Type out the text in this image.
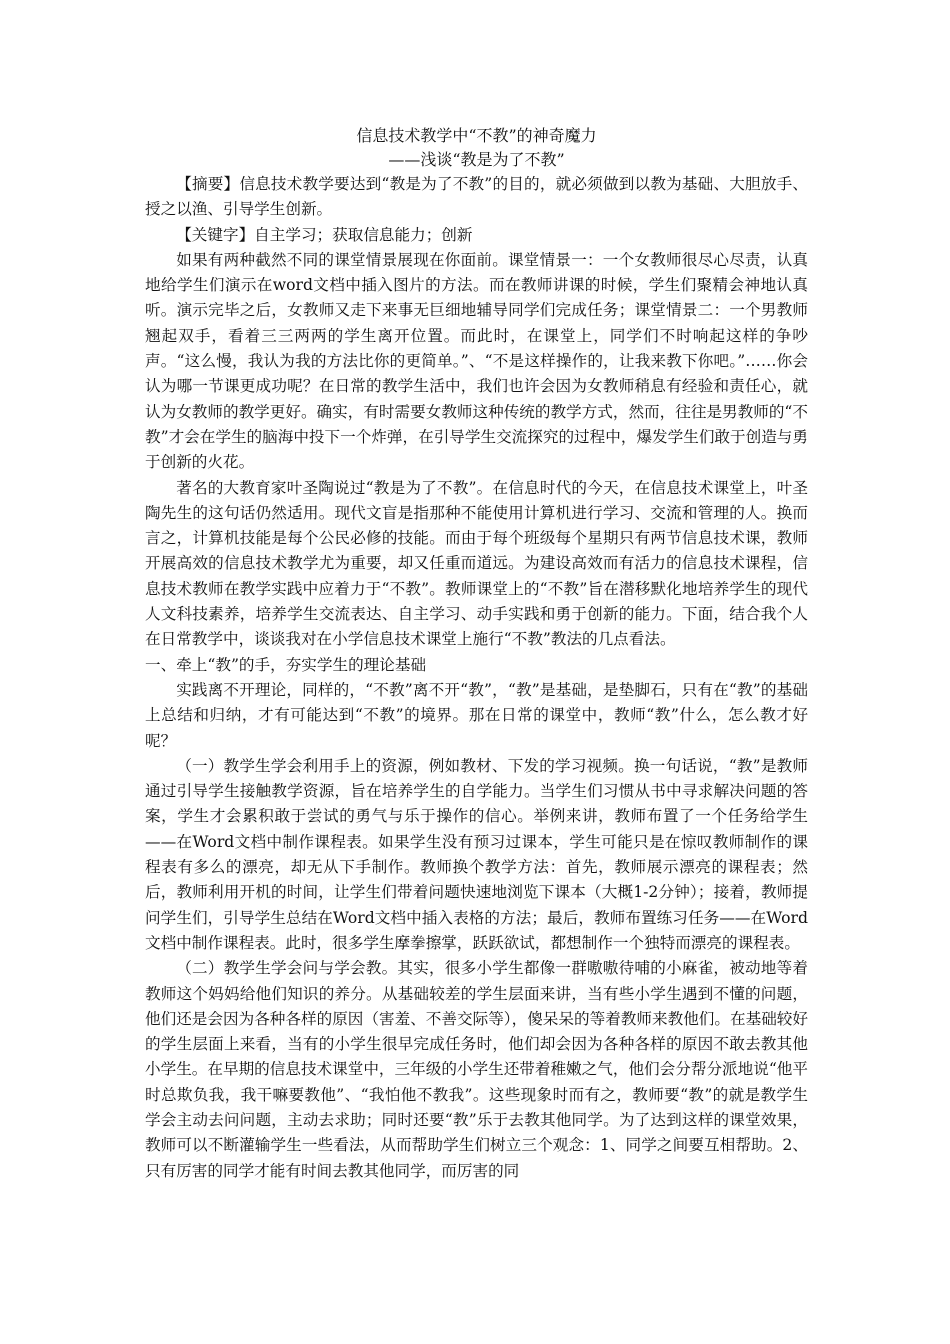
信息技术教学中“不教”的神奇魔力

——浅谈“教是为了不教”

【摘要】信息技术教学要达到“教是为了不教”的目的，就必须做到以教为基础、大胆放手、授之以渔、引导学生创新。

【关键字】自主学习；获取信息能力；创新

如果有两种截然不同的课堂情景展现在你面前。课堂情景一：一个女教师很尽心尽责，认真地给学生们演示在word文档中插入图片的方法。而在教师讲课的时候，学生们聚精会神地认真听。演示完毕之后，女教师又走下来事无巨细地辅导同学们完成任务；课堂情景二：一个男教师翘起双手，看着三三两两的学生离开位置。而此时，在课堂上，同学们不时响起这样的争吵声。“这么慢，我认为我的方法比你的更简单。”、“不是这样操作的，让我来教下你吧。”……你会认为哪一节课更成功呢？在日常的教学生活中，我们也许会因为女教师稍息有经验和责任心，就认为女教师的教学更好。确实，有时需要女教师这种传统的教学方式，然而，往往是男教师的“不教”才会在学生的脑海中投下一个炸弹，在引导学生交流探究的过程中，爆发学生们敢于创造与勇于创新的火花。

著名的大教育家叶圣陶说过“教是为了不教”。在信息时代的今天，在信息技术课堂上，叶圣陶先生的这句话仍然适用。现代文盲是指那种不能使用计算机进行学习、交流和管理的人。换而言之，计算机技能是每个公民必修的技能。而由于每个班级每个星期只有两节信息技术课，教师开展高效的信息技术教学尤为重要，却又任重而道远。为建设高效而有活力的信息技术课程，信息技术教师在教学实践中应着力于“不教”。教师课堂上的“不教”旨在潜移默化地培养学生的现代人文科技素养，培养学生交流表达、自主学习、动手实践和勇于创新的能力。下面，结合我个人在日常教学中，谈谈我对在小学信息技术课堂上施行“不教”教法的几点看法。

一、牵上“教”的手，夯实学生的理论基础

实践离不开理论，同样的，“不教”离不开“教”，“教”是基础，是垫脚石，只有在“教”的基础上总结和归纳，才有可能达到“不教”的境界。那在日常的课堂中，教师“教”什么，怎么教才好呢？

（一）教学生学会利用手上的资源，例如教材、下发的学习视频。换一句话说，“教”是教师通过引导学生接触教学资源，旨在培养学生的自学能力。当学生们习惯从书中寻求解决问题的答案，学生才会累积敢于尝试的勇气与乐于操作的信心。举例来讲，教师布置了一个任务给学生——在Word文档中制作课程表。如果学生没有预习过课本，学生可能只是在惊叹教师制作的课程表有多么的漂亮，却无从下手制作。教师换个教学方法：首先，教师展示漂亮的课程表；然后，教师利用开机的时间，让学生们带着问题快速地浏览下课本（大概1-2分钟）；接着，教师提问学生们，引导学生总结在Word文档中插入表格的方法；最后，教师布置练习任务——在Word文档中制作课程表。此时，很多学生摩拳擦掌，跃跃欲试，都想制作一个独特而漂亮的课程表。

（二）教学生学会问与学会教。其实，很多小学生都像一群嗷嗷待哺的小麻雀，被动地等着教师这个妈妈给他们知识的养分。从基础较差的学生层面来讲，当有些小学生遇到不懂的问题，他们还是会因为各种各样的原因（害羞、不善交际等），傻呆呆的等着教师来教他们。在基础较好的学生层面上来看，当有的小学生很早完成任务时，他们却会因为各种各样的原因不敢去教其他小学生。在早期的信息技术课堂中，三年级的小学生还带着稚嫩之气，他们会分帮分派地说“他平时总欺负我，我干嘛要教他”、“我怕他不教我”。这些现象时而有之，教师要“教”的就是教学生学会主动去问问题，主动去求助；同时还要“教”乐于去教其他同学。为了达到这样的课堂效果，教师可以不断灌输学生一些看法，从而帮助学生们树立三个观念：1、同学之间要互相帮助。2、只有厉害的同学才能有时间去教其他同学，而厉害的同
